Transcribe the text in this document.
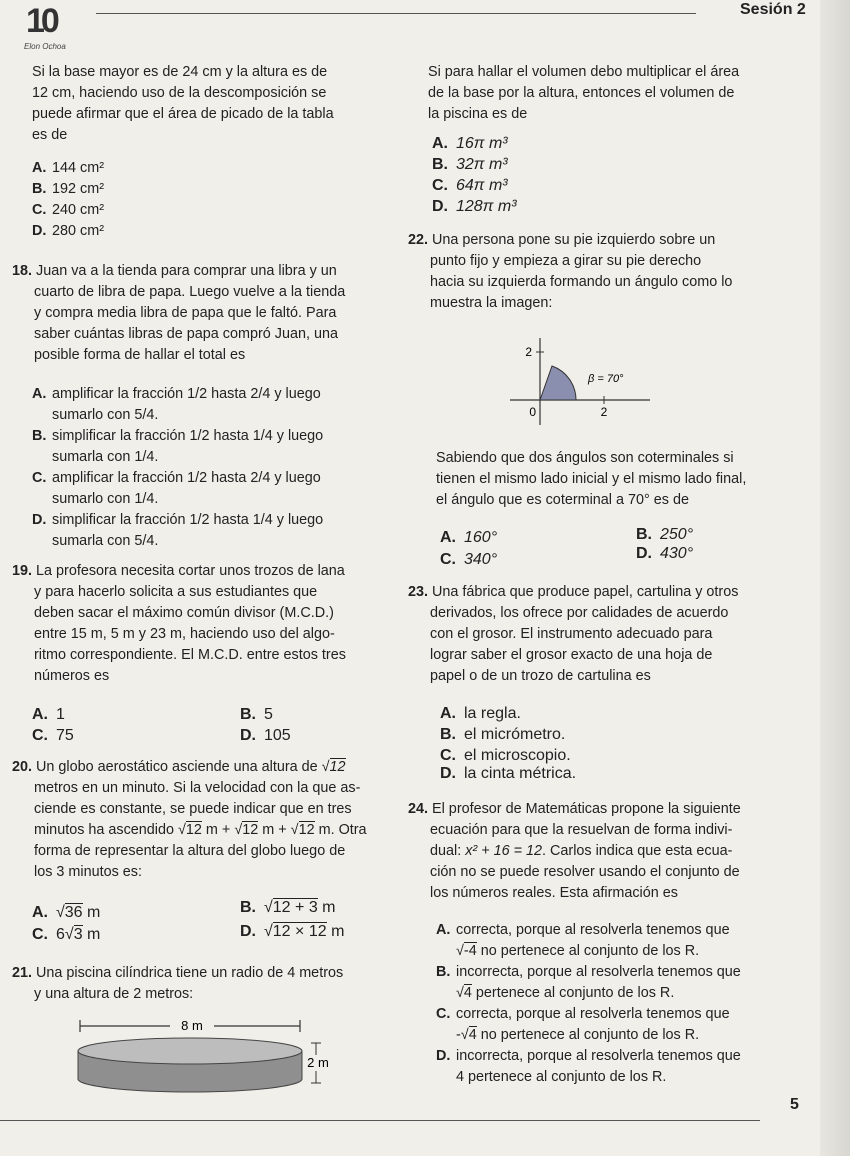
10
Elon Ochoa
Sesión 2

Si la base mayor es de 24 cm y la altura es de

12 cm, haciendo uso de la descomposición se

puede afirmar que el área de picado de la tabla

es de

A. 144 cm²

B. 192 cm²

C. 240 cm²

D. 280 cm²

18. Juan va a la tienda para comprar una libra y un

cuarto de libra de papa. Luego vuelve a la tienda

y compra media libra de papa que le faltó. Para

saber cuántas libras de papa compró Juan, una

posible forma de hallar el total es

A. amplificar la fracción 1/2 hasta 2/4 y luego
sumarlo con 5/4.
B. simplificar la fracción 1/2 hasta 1/4 y luego
sumarla con 1/4.
C. amplificar la fracción 1/2 hasta 2/4 y luego
sumarlo con 1/4.
D. simplificar la fracción 1/2 hasta 1/4 y luego
sumarla con 5/4.

19. La profesora necesita cortar unos trozos de lana

y para hacerlo solicita a sus estudiantes que

deben sacar el máximo común divisor (M.C.D.)

entre 15 m, 5 m y 23 m, haciendo uso del algo-

ritmo correspondiente. El M.C.D. entre estos tres

números es

A. 1	B. 5
C. 75	D. 105

20. Un globo aerostático asciende una altura de √12

metros en un minuto. Si la velocidad con la que as-

ciende es constante, se puede indicar que en tres

minutos ha ascendido √12 m + √12 m + √12 m. Otra

forma de representar la altura del globo luego de

los 3 minutos es:

A. √36 m	B. √12 + 3 m
C. 6√3 m	D. √12 × 12 m

21. Una piscina cilíndrica tiene un radio de 4 metros

y una altura de 2 metros:

8 m
2 m

Si para hallar el volumen debo multiplicar el área

de la base por la altura, entonces el volumen de

la piscina es de

A. 16π m³
B. 32π m³
C. 64π m³
D. 128π m³

22. Una persona pone su pie izquierdo sobre un

punto fijo y empieza a girar su pie derecho

hacia su izquierda formando un ángulo como lo

muestra la imagen:

2
0	2
β = 70°

Sabiendo que dos ángulos son coterminales si

tienen el mismo lado inicial y el mismo lado final,

el ángulo que es coterminal a 70° es de

A. 160°	B. 250°
C. 340°	D. 430°

23. Una fábrica que produce papel, cartulina y otros

derivados, los ofrece por calidades de acuerdo

con el grosor. El instrumento adecuado para

lograr saber el grosor exacto de una hoja de

papel o de un trozo de cartulina es

A. la regla.
B. el micrómetro.
C. el microscopio.
D. la cinta métrica.

24. El profesor de Matemáticas propone la siguiente

ecuación para que la resuelvan de forma indivi-

dual: x² + 16 = 12. Carlos indica que esta ecua-

ción no se puede resolver usando el conjunto de

los números reales. Esta afirmación es

A. correcta, porque al resolverla tenemos que
√-4 no pertenece al conjunto de los R.
B. incorrecta, porque al resolverla tenemos que
√4 pertenece al conjunto de los R.
C. correcta, porque al resolverla tenemos que
-√4 no pertenece al conjunto de los R.
D. incorrecta, porque al resolverla tenemos que
4 pertenece al conjunto de los R.
5
